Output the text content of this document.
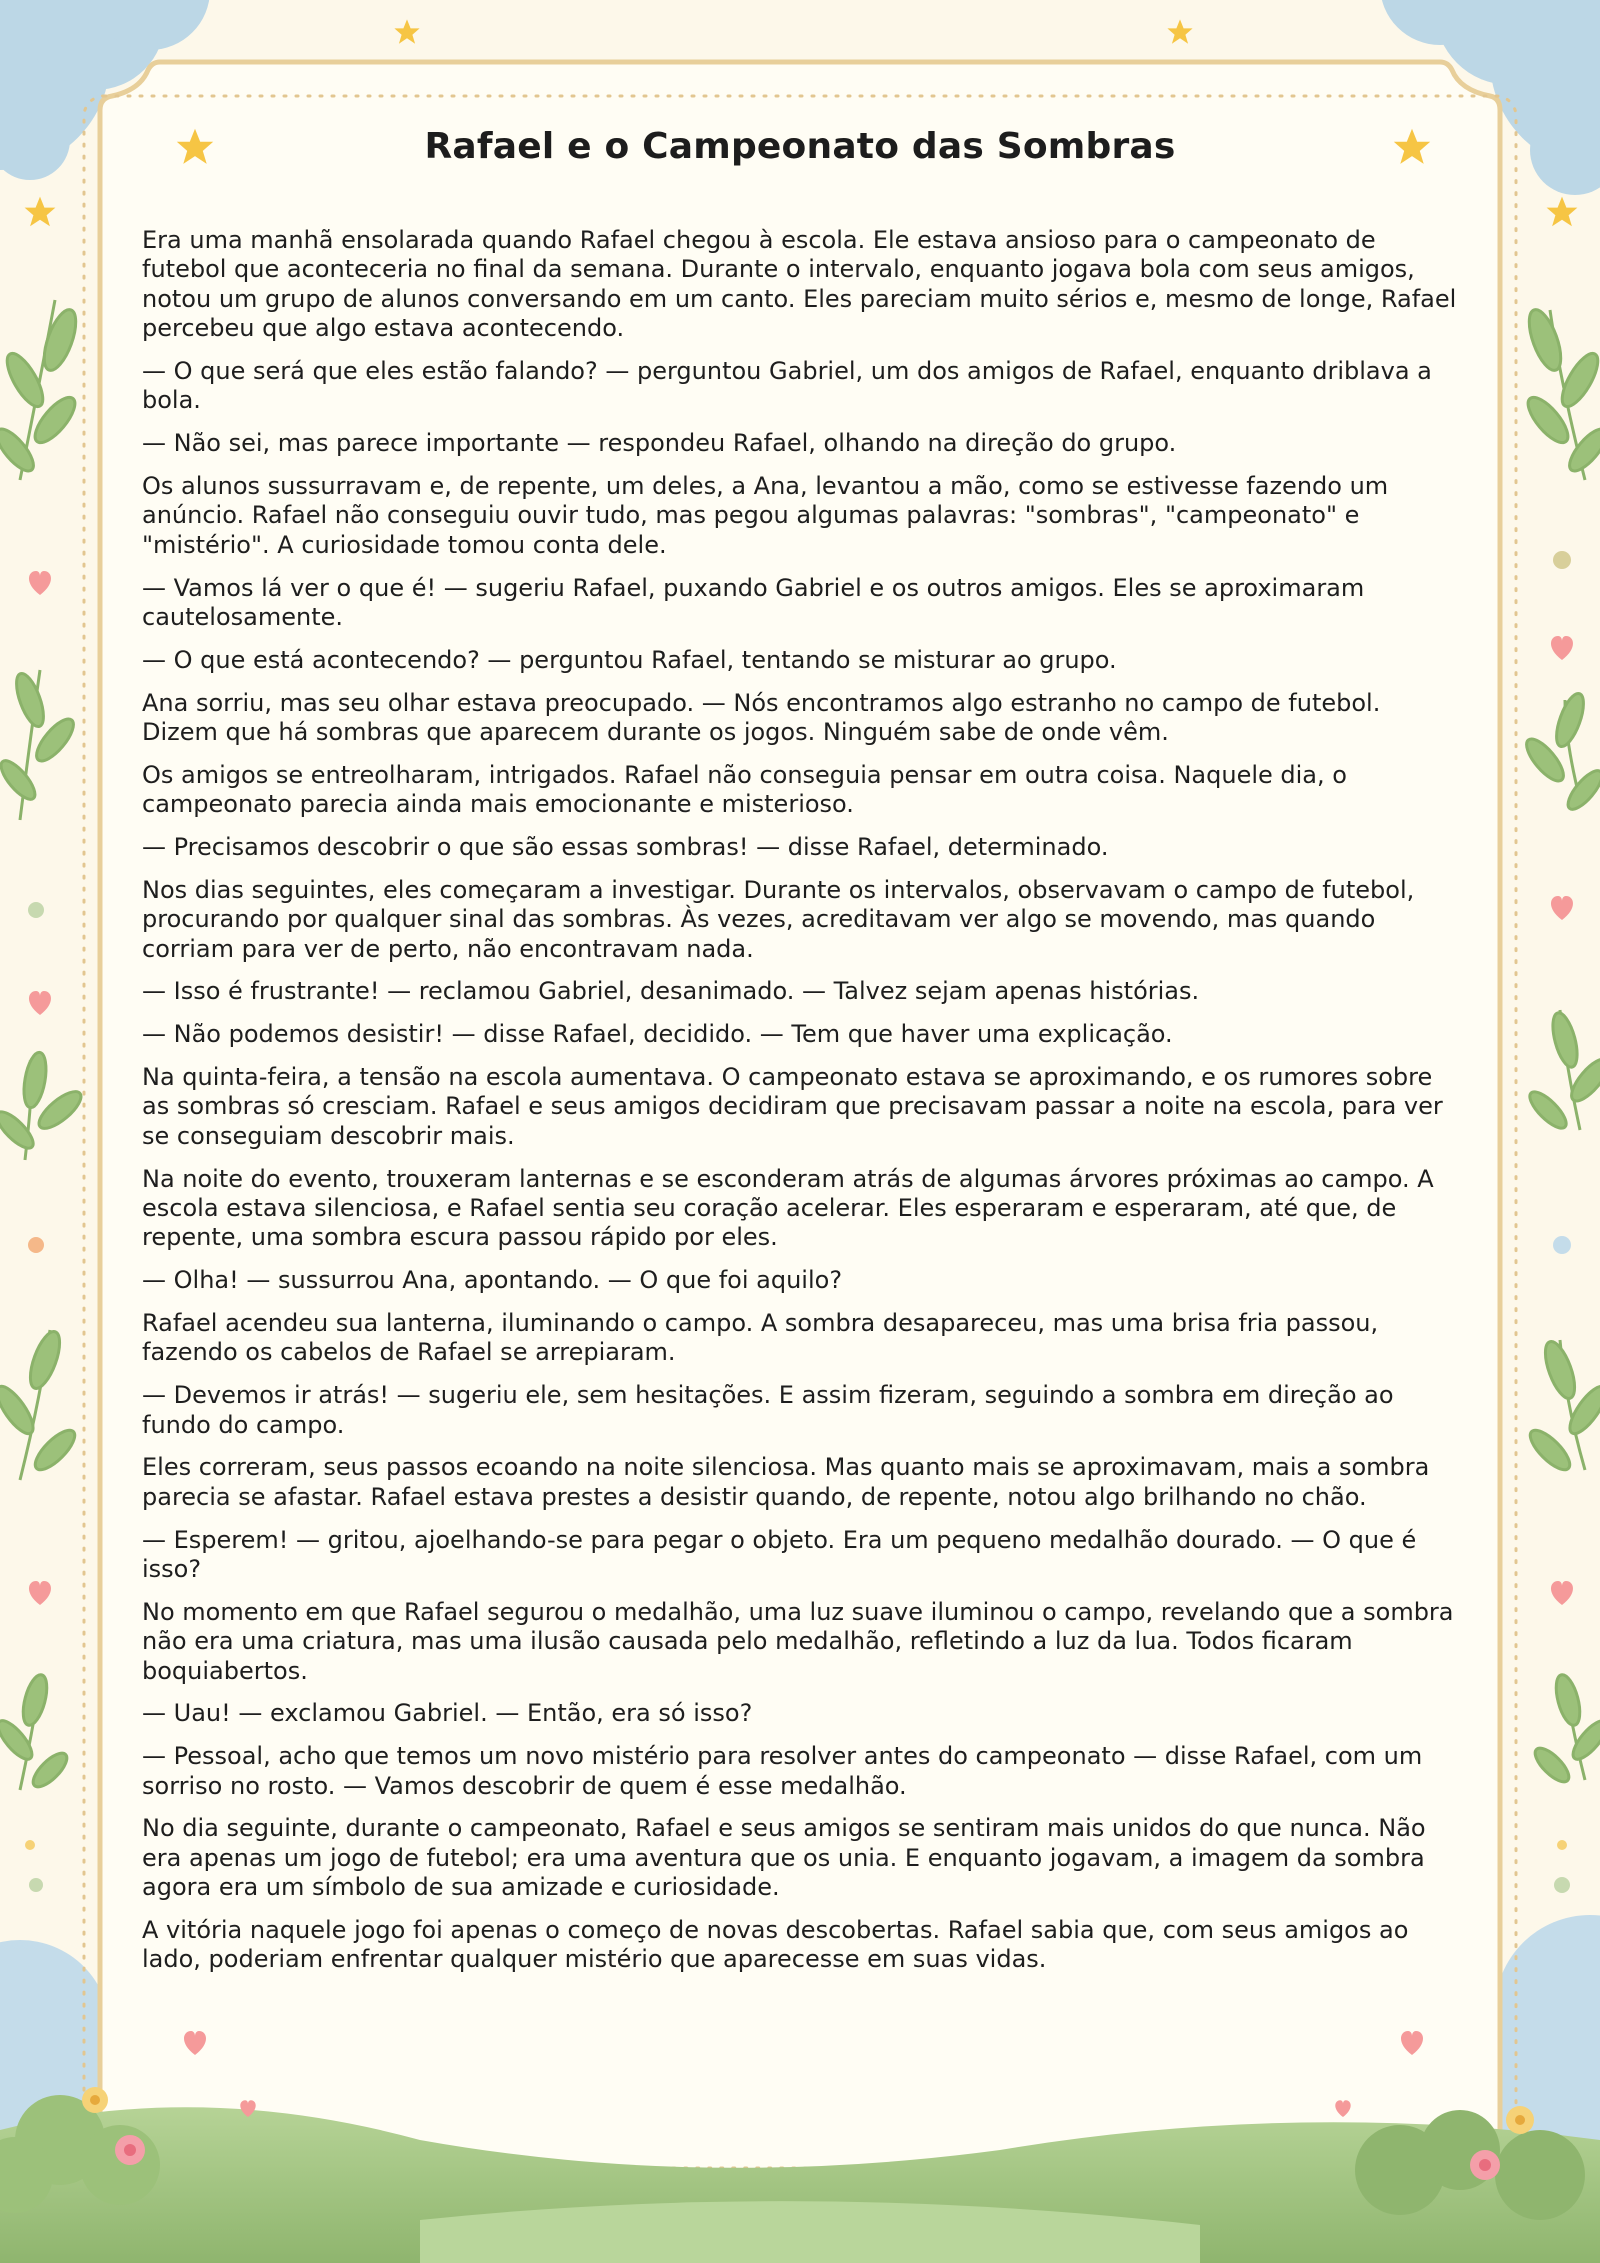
Rafael e o Campeonato das Sombras

Era uma manhã ensolarada quando Rafael chegou à escola. Ele estava ansioso para o campeonato de futebol que aconteceria no final da semana. Durante o intervalo, enquanto jogava bola com seus amigos, notou um grupo de alunos conversando em um canto. Eles pareciam muito sérios e, mesmo de longe, Rafael percebeu que algo estava acontecendo.

— O que será que eles estão falando? — perguntou Gabriel, um dos amigos de Rafael, enquanto driblava a bola.

— Não sei, mas parece importante — respondeu Rafael, olhando na direção do grupo.

Os alunos sussurravam e, de repente, um deles, a Ana, levantou a mão, como se estivesse fazendo um anúncio. Rafael não conseguiu ouvir tudo, mas pegou algumas palavras: "sombras", "campeonato" e "mistério". A curiosidade tomou conta dele.

— Vamos lá ver o que é! — sugeriu Rafael, puxando Gabriel e os outros amigos. Eles se aproximaram cautelosamente.

— O que está acontecendo? — perguntou Rafael, tentando se misturar ao grupo.

Ana sorriu, mas seu olhar estava preocupado. — Nós encontramos algo estranho no campo de futebol. Dizem que há sombras que aparecem durante os jogos. Ninguém sabe de onde vêm.

Os amigos se entreolharam, intrigados. Rafael não conseguia pensar em outra coisa. Naquele dia, o campeonato parecia ainda mais emocionante e misterioso.

— Precisamos descobrir o que são essas sombras! — disse Rafael, determinado.

Nos dias seguintes, eles começaram a investigar. Durante os intervalos, observavam o campo de futebol, procurando por qualquer sinal das sombras. Às vezes, acreditavam ver algo se movendo, mas quando corriam para ver de perto, não encontravam nada.

— Isso é frustrante! — reclamou Gabriel, desanimado. — Talvez sejam apenas histórias.

— Não podemos desistir! — disse Rafael, decidido. — Tem que haver uma explicação.

Na quinta-feira, a tensão na escola aumentava. O campeonato estava se aproximando, e os rumores sobre as sombras só cresciam. Rafael e seus amigos decidiram que precisavam passar a noite na escola, para ver se conseguiam descobrir mais.

Na noite do evento, trouxeram lanternas e se esconderam atrás de algumas árvores próximas ao campo. A escola estava silenciosa, e Rafael sentia seu coração acelerar. Eles esperaram e esperaram, até que, de repente, uma sombra escura passou rápido por eles.

— Olha! — sussurrou Ana, apontando. — O que foi aquilo?

Rafael acendeu sua lanterna, iluminando o campo. A sombra desapareceu, mas uma brisa fria passou, fazendo os cabelos de Rafael se arrepiaram.

— Devemos ir atrás! — sugeriu ele, sem hesitações. E assim fizeram, seguindo a sombra em direção ao fundo do campo.

Eles correram, seus passos ecoando na noite silenciosa. Mas quanto mais se aproximavam, mais a sombra parecia se afastar. Rafael estava prestes a desistir quando, de repente, notou algo brilhando no chão.

— Esperem! — gritou, ajoelhando-se para pegar o objeto. Era um pequeno medalhão dourado. — O que é isso?

No momento em que Rafael segurou o medalhão, uma luz suave iluminou o campo, revelando que a sombra não era uma criatura, mas uma ilusão causada pelo medalhão, refletindo a luz da lua. Todos ficaram boquiabertos.

— Uau! — exclamou Gabriel. — Então, era só isso?

— Pessoal, acho que temos um novo mistério para resolver antes do campeonato — disse Rafael, com um sorriso no rosto. — Vamos descobrir de quem é esse medalhão.

No dia seguinte, durante o campeonato, Rafael e seus amigos se sentiram mais unidos do que nunca. Não era apenas um jogo de futebol; era uma aventura que os unia. E enquanto jogavam, a imagem da sombra agora era um símbolo de sua amizade e curiosidade.

A vitória naquele jogo foi apenas o começo de novas descobertas. Rafael sabia que, com seus amigos ao lado, poderiam enfrentar qualquer mistério que aparecesse em suas vidas.
